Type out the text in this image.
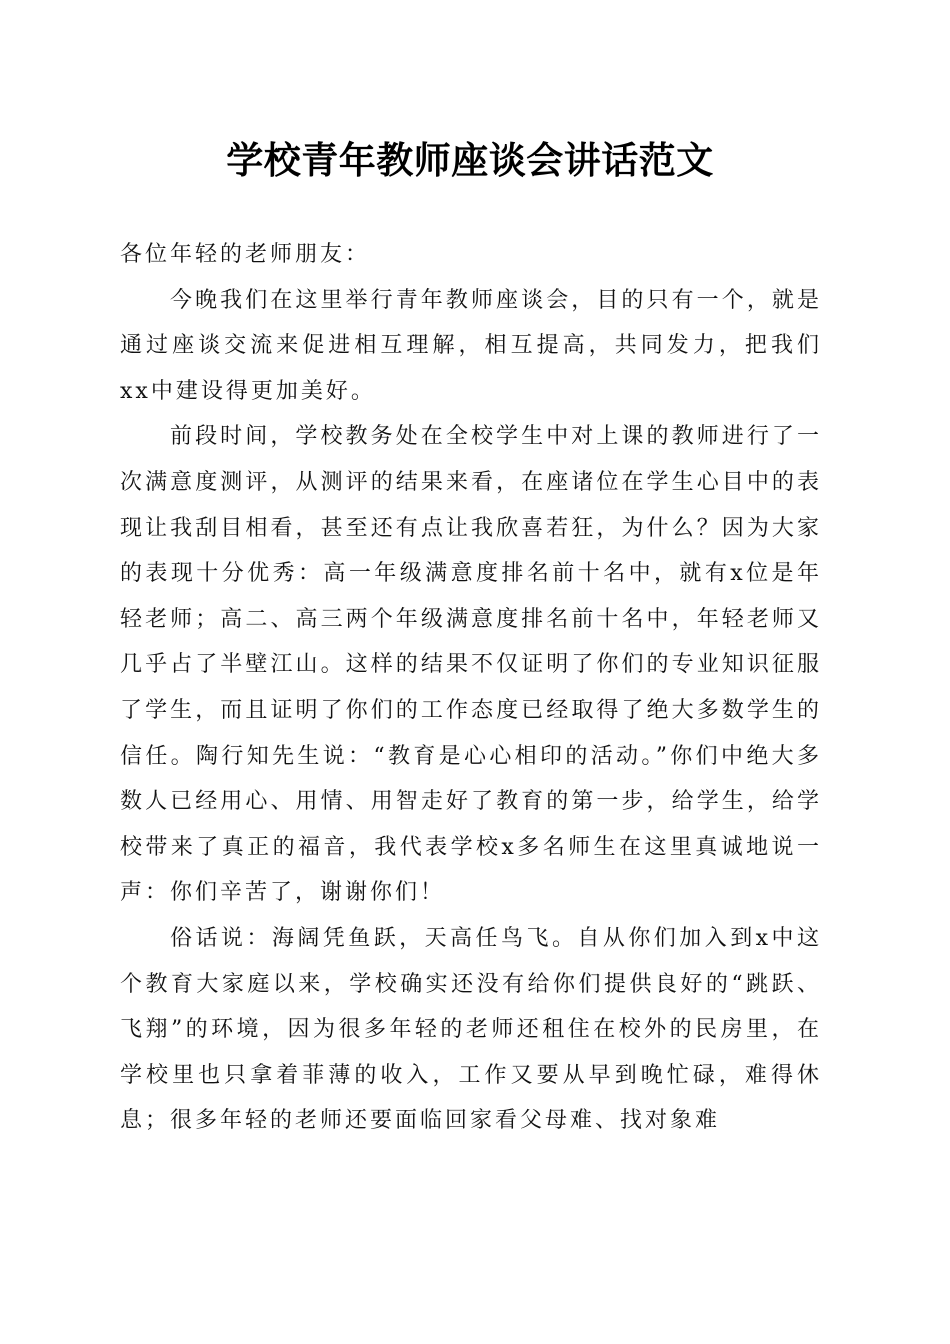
学校青年教师座谈会讲话范文

各位年轻的老师朋友：

今晚我们在这里举行青年教师座谈会，目的只有一个，就是通过座谈交流来促进相互理解，相互提高，共同发力，把我们xx中建设得更加美好。

前段时间，学校教务处在全校学生中对上课的教师进行了一次满意度测评，从测评的结果来看，在座诸位在学生心目中的表现让我刮目相看，甚至还有点让我欣喜若狂，为什么？因为大家的表现十分优秀：高一年级满意度排名前十名中，就有x位是年轻老师；高二、高三两个年级满意度排名前十名中，年轻老师又几乎占了半壁江山。这样的结果不仅证明了你们的专业知识征服了学生，而且证明了你们的工作态度已经取得了绝大多数学生的信任。陶行知先生说：“教育是心心相印的活动。”你们中绝大多数人已经用心、用情、用智走好了教育的第一步，给学生，给学校带来了真正的福音，我代表学校x多名师生在这里真诚地说一声：你们辛苦了，谢谢你们！

俗话说：海阔凭鱼跃，天高任鸟飞。自从你们加入到x中这个教育大家庭以来，学校确实还没有给你们提供良好的“跳跃、飞翔”的环境，因为很多年轻的老师还租住在校外的民房里，在学校里也只拿着菲薄的收入，工作又要从早到晚忙碌，难得休息；很多年轻的老师还要面临回家看父母难、找对象难
